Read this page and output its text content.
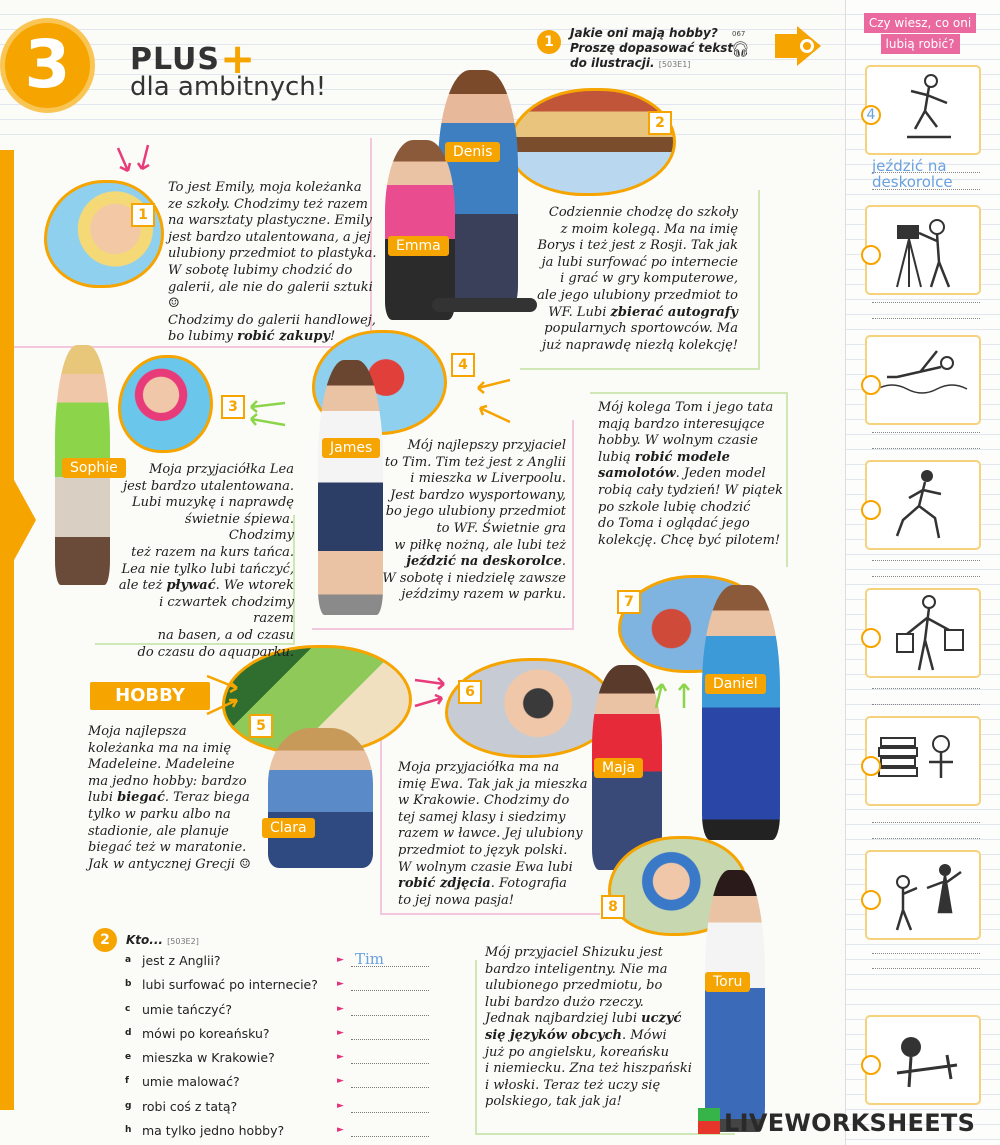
3	PLUS+
dla ambitnych!
1
Jakie oni mają hobby?
Proszę dopasować tekst
do ilustracji. [503E1]
067
🎧︎
1
2
Denis
Emma
3
Sophie
4
James
7
Daniel
5
Clara
6
Maja
8
Toru
To jest Emily, moja koleżanka
ze szkoły. Chodzimy też razem
na warsztaty plastyczne. Emily
jest bardzo utalentowana, a jej
ulubiony przedmiot to plastyka.
W sobotę lubimy chodzić do
galerii, ale nie do galerii sztuki ☺
Chodzimy do galerii handlowej,
bo lubimy robić zakupy!
Codziennie chodzę do szkoły
z moim kolegą. Ma na imię
Borys i też jest z Rosji. Tak jak
ja lubi surfować po internecie
i grać w gry komputerowe,
ale jego ulubiony przedmiot to
WF. Lubi zbierać autografy
popularnych sportowców. Ma
już naprawdę niezłą kolekcję!
Moja przyjaciółka Lea
jest bardzo utalentowana.
Lubi muzykę i naprawdę
świetnie śpiewa. Chodzimy
też razem na kurs tańca.
Lea nie tylko lubi tańczyć,
ale też pływać. We wtorek
i czwartek chodzimy razem
na basen, a od czasu
do czasu do aquaparku.
Mój najlepszy przyjaciel
to Tim. Tim też jest z Anglii
i mieszka w Liverpoolu.
Jest bardzo wysportowany,
bo jego ulubiony przedmiot
to WF. Świetnie gra
w piłkę nożną, ale lubi też
jeździć na deskorolce.
W sobotę i niedzielę zawsze
jeździmy razem w parku.
Mój kolega Tom i jego tata
mają bardzo interesujące
hobby. W wolnym czasie
lubią robić modele
samolotów. Jeden model
robią cały tydzień! W piątek
po szkole lubię chodzić
do Toma i oglądać jego
kolekcję. Chcę być pilotem!
HOBBY
Moja najlepsza
koleżanka ma na imię
Madeleine. Madeleine
ma jedno hobby: bardzo
lubi biegać. Teraz biega
tylko w parku albo na
stadionie, ale planuje
biegać też w maratonie.
Jak w antycznej Grecji ☺
Moja przyjaciółka ma na
imię Ewa. Tak jak ja mieszka
w Krakowie. Chodzimy do
tej samej klasy i siedzimy
razem w ławce. Jej ulubiony
przedmiot to język polski.
W wolnym czasie Ewa lubi
robić zdjęcia. Fotografia
to jej nowa pasja!
Mój przyjaciel Shizuku jest
bardzo inteligentny. Nie ma
ulubionego przedmiotu, bo
lubi bardzo dużo rzeczy.
Jednak najbardziej lubi uczyć
się języków obcych. Mówi
już po angielsku, koreańsku
i niemiecku. Zna też hiszpański
i włoski. Teraz też uczy się
polskiego, tak jak ja!
2	Kto... [503E2]
a jest z Anglii?	► Tim
b lubi surfować po internecie? ►
c umie tańczyć?	►
d mówi po koreańsku?	►
e mieszka w Krakowie?	►
f umie malować?	►
g robi coś z tatą?	►
h ma tylko jedno hobby?	►
Czy wiesz, co oni
lubią robić?
4
jeździć na deskorolce
LIVEWORKSHEETS
